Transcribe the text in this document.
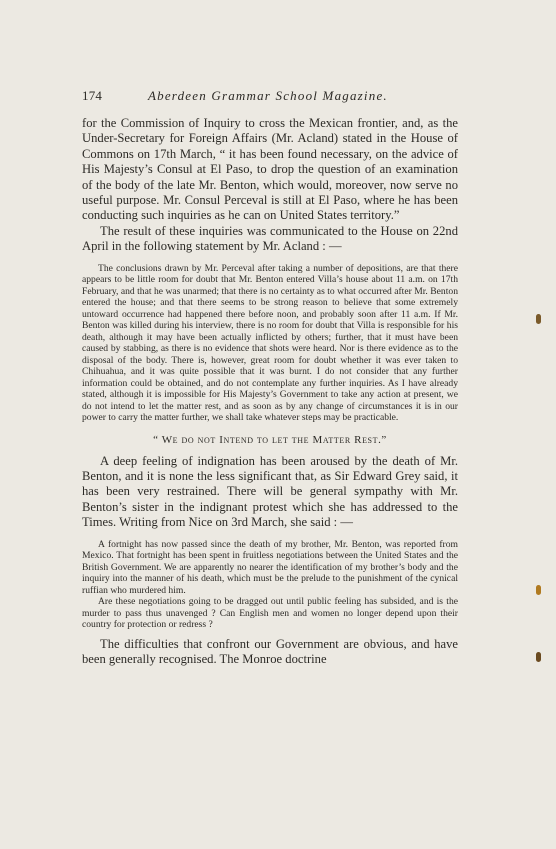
174	Aberdeen Grammar School Magazine.

for the Commission of Inquiry to cross the Mexican frontier, and, as the Under-Secretary for Foreign Affairs (Mr. Acland) stated in the House of Commons on 17th March, “ it has been found necessary, on the advice of His Majesty’s Consul at El Paso, to drop the question of an examination of the body of the late Mr. Benton, which would, moreover, now serve no useful purpose. Mr. Consul Perceval is still at El Paso, where he has been conducting such inquiries as he can on United States territory.”

The result of these inquiries was communicated to the House on 22nd April in the following statement by Mr. Acland : —

The conclusions drawn by Mr. Perceval after taking a number of depositions, are that there appears to be little room for doubt that Mr. Benton entered Villa’s house about 11 a.m. on 17th February, and that he was unarmed; that there is no certainty as to what occurred after Mr. Benton entered the house; and that there seems to be strong reason to believe that some extremely untoward occurrence had happened there before noon, and probably soon after 11 a.m. If Mr. Benton was killed during his interview, there is no room for doubt that Villa is responsible for his death, although it may have been actually inflicted by others; further, that it must have been caused by stabbing, as there is no evidence that shots were heard. Nor is there evidence as to the disposal of the body. There is, however, great room for doubt whether it was ever taken to Chihuahua, and it was quite possible that it was burnt. I do not consider that any further information could be obtained, and do not contemplate any further inquiries. As I have already stated, although it is impossible for His Majesty’s Government to take any action at present, we do not intend to let the matter rest, and as soon as by any change of circumstances it is in our power to carry the matter further, we shall take whatever steps may be practicable.

“ We do not Intend to let the Matter Rest.”

A deep feeling of indignation has been aroused by the death of Mr. Benton, and it is none the less significant that, as Sir Edward Grey said, it has been very restrained. There will be general sympathy with Mr. Benton’s sister in the indignant protest which she has addressed to the Times. Writing from Nice on 3rd March, she said : —

A fortnight has now passed since the death of my brother, Mr. Benton, was reported from Mexico. That fortnight has been spent in fruitless negotiations between the United States and the British Government. We are apparently no nearer the identification of my brother’s body and the inquiry into the manner of his death, which must be the prelude to the punishment of the cynical ruffian who murdered him.

Are these negotiations going to be dragged out until public feeling has subsided, and is the murder to pass thus unavenged ? Can English men and women no longer depend upon their country for protection or redress ?

The difficulties that confront our Government are obvious, and have been generally recognised. The Monroe doctrine
